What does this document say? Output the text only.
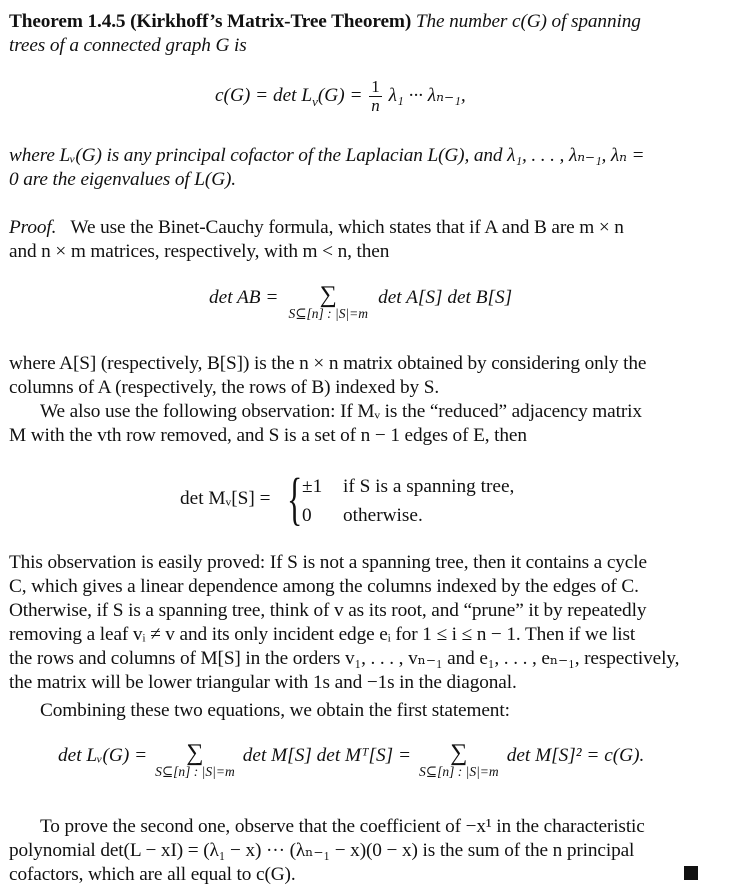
Theorem 1.4.5 (Kirkhoff’s Matrix-Tree Theorem) The number c(G) of spanning
trees of a connected graph G is
$c(G) = \det L_v(G) = \frac{1}{n} \lambda_1$ ··· λₙ₋₁,
where Lᵥ(G) is any principal cofactor of the Laplacian L(G), and λ₁, . . . , λₙ₋₁, λₙ =
0 are the eigenvalues of L(G).
Proof. We use the Binet-Cauchy formula, which states that if A and B are m × n
and n × m matrices, respectively, with m < n, then
det AB =	∑
S⊆[n] : |S|=m
det A[S] det B[S]
where A[S] (respectively, B[S]) is the n × n matrix obtained by considering only the
columns of A (respectively, the rows of B) indexed by S.
We also use the following observation: If Mᵥ is the “reduced” adjacency matrix
M with the vth row removed, and S is a set of n − 1 edges of E, then
det Mᵥ[S] = { ±1 if S is a spanning tree,
0 otherwise.
This observation is easily proved: If S is not a spanning tree, then it contains a cycle
C, which gives a linear dependence among the columns indexed by the edges of C.
Otherwise, if S is a spanning tree, think of v as its root, and “prune” it by repeatedly
removing a leaf vᵢ ≠ v and its only incident edge eᵢ for 1 ≤ i ≤ n − 1. Then if we list
the rows and columns of M[S] in the orders v₁, . . . , vₙ₋₁ and e₁, . . . , eₙ₋₁, respectively,
the matrix will be lower triangular with 1s and −1s in the diagonal.
Combining these two equations, we obtain the first statement:
det Lᵥ(G) =	∑
S⊆[n] : |S|=m
det M[S] det Mᵀ[S] =	∑
S⊆[n] : |S|=m
det M[S]² = c(G).
To prove the second one, observe that the coefficient of −x¹ in the characteristic
polynomial det(L − xI) = (λ₁ − x) ··· (λₙ₋₁ − x)(0 − x) is the sum of the n principal
cofactors, which are all equal to c(G).
